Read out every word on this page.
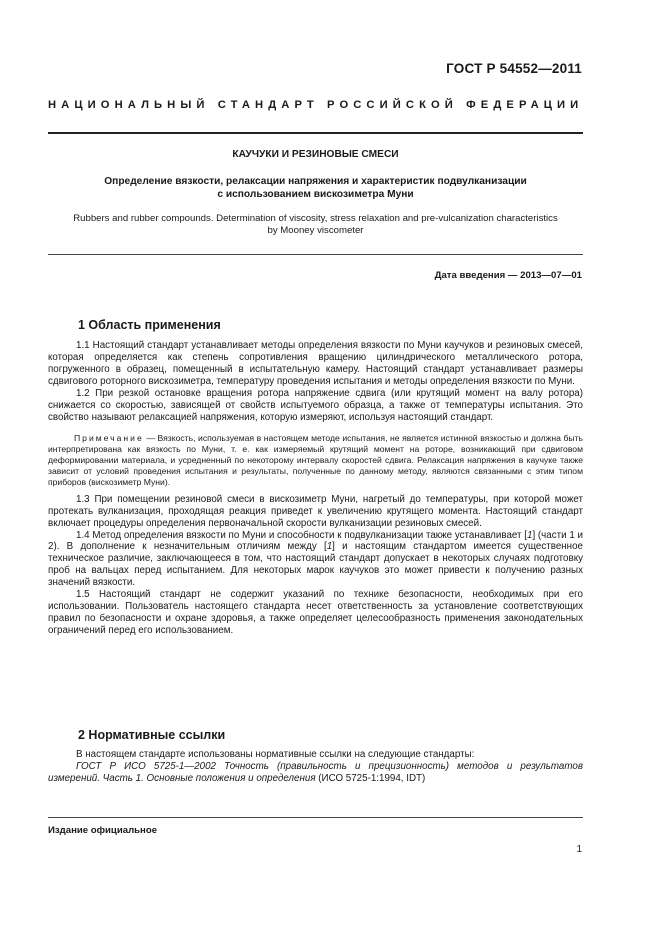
ГОСТ Р 54552—2011
НАЦИОНАЛЬНЫЙ СТАНДАРТ РОССИЙСКОЙ ФЕДЕРАЦИИ
КАУЧУКИ И РЕЗИНОВЫЕ СМЕСИ
Определение вязкости, релаксации напряжения и характеристик подвулканизации
с использованием вискозиметра Муни
Rubbers and rubber compounds. Determination of viscosity, stress relaxation and pre-vulcanization characteristics by Mooney viscometer
Дата введения — 2013—07—01
1 Область применения

1.1 Настоящий стандарт устанавливает методы определения вязкости по Муни каучуков и резиновых смесей, которая определяется как степень сопротивления вращению цилиндрического металлического ротора, погруженного в образец, помещенный в испытательную камеру. Настоящий стандарт устанавливает размеры сдвигового роторного вискозиметра, температуру проведения испытания и методы определения вязкости по Муни.

1.2 При резкой остановке вращения ротора напряжение сдвига (или крутящий момент на валу ротора) снижается со скоростью, зависящей от свойств испытуемого образца, а также от температуры испытания. Это свойство называют релаксацией напряжения, которую измеряют, используя настоящий стандарт.

Примечание — Вязкость, используемая в настоящем методе испытания, не является истинной вязкостью и должна быть интерпретирована как вязкость по Муни, т. е. как измеряемый крутящий момент на роторе, возникающий при сдвиговом деформировании материала, и усредненный по некоторому интервалу скоростей сдвига. Релаксация напряжения в каучуке также зависит от условий проведения испытания и результаты, полученные по данному методу, являются связанными с этим типом приборов (вискозиметр Муни).

1.3 При помещении резиновой смеси в вискозиметр Муни, нагретый до температуры, при которой может протекать вулканизация, проходящая реакция приведет к увеличению крутящего момента. Настоящий стандарт включает процедуры определения первоначальной скорости вулканизации резиновых смесей.

1.4 Метод определения вязкости по Муни и способности к подвулканизации также устанавливает [1] (части 1 и 2). В дополнение к незначительным отличиям между [1] и настоящим стандартом имеется существенное техническое различие, заключающееся в том, что настоящий стандарт допускает в некоторых случаях подготовку проб на вальцах перед испытанием. Для некоторых марок каучуков это может привести к получению разных значений вязкости.

1.5 Настоящий стандарт не содержит указаний по технике безопасности, необходимых при его использовании. Пользователь настоящего стандарта несет ответственность за установление соответствующих правил по безопасности и охране здоровья, а также определяет целесообразность применения законодательных ограничений перед его использованием.

2 Нормативные ссылки

В настоящем стандарте использованы нормативные ссылки на следующие стандарты:

ГОСТ Р ИСО 5725-1—2002 Точность (правильность и прецизионность) методов и результатов измерений. Часть 1. Основные положения и определения (ИСО 5725-1:1994, IDT)

Издание официальное
1
